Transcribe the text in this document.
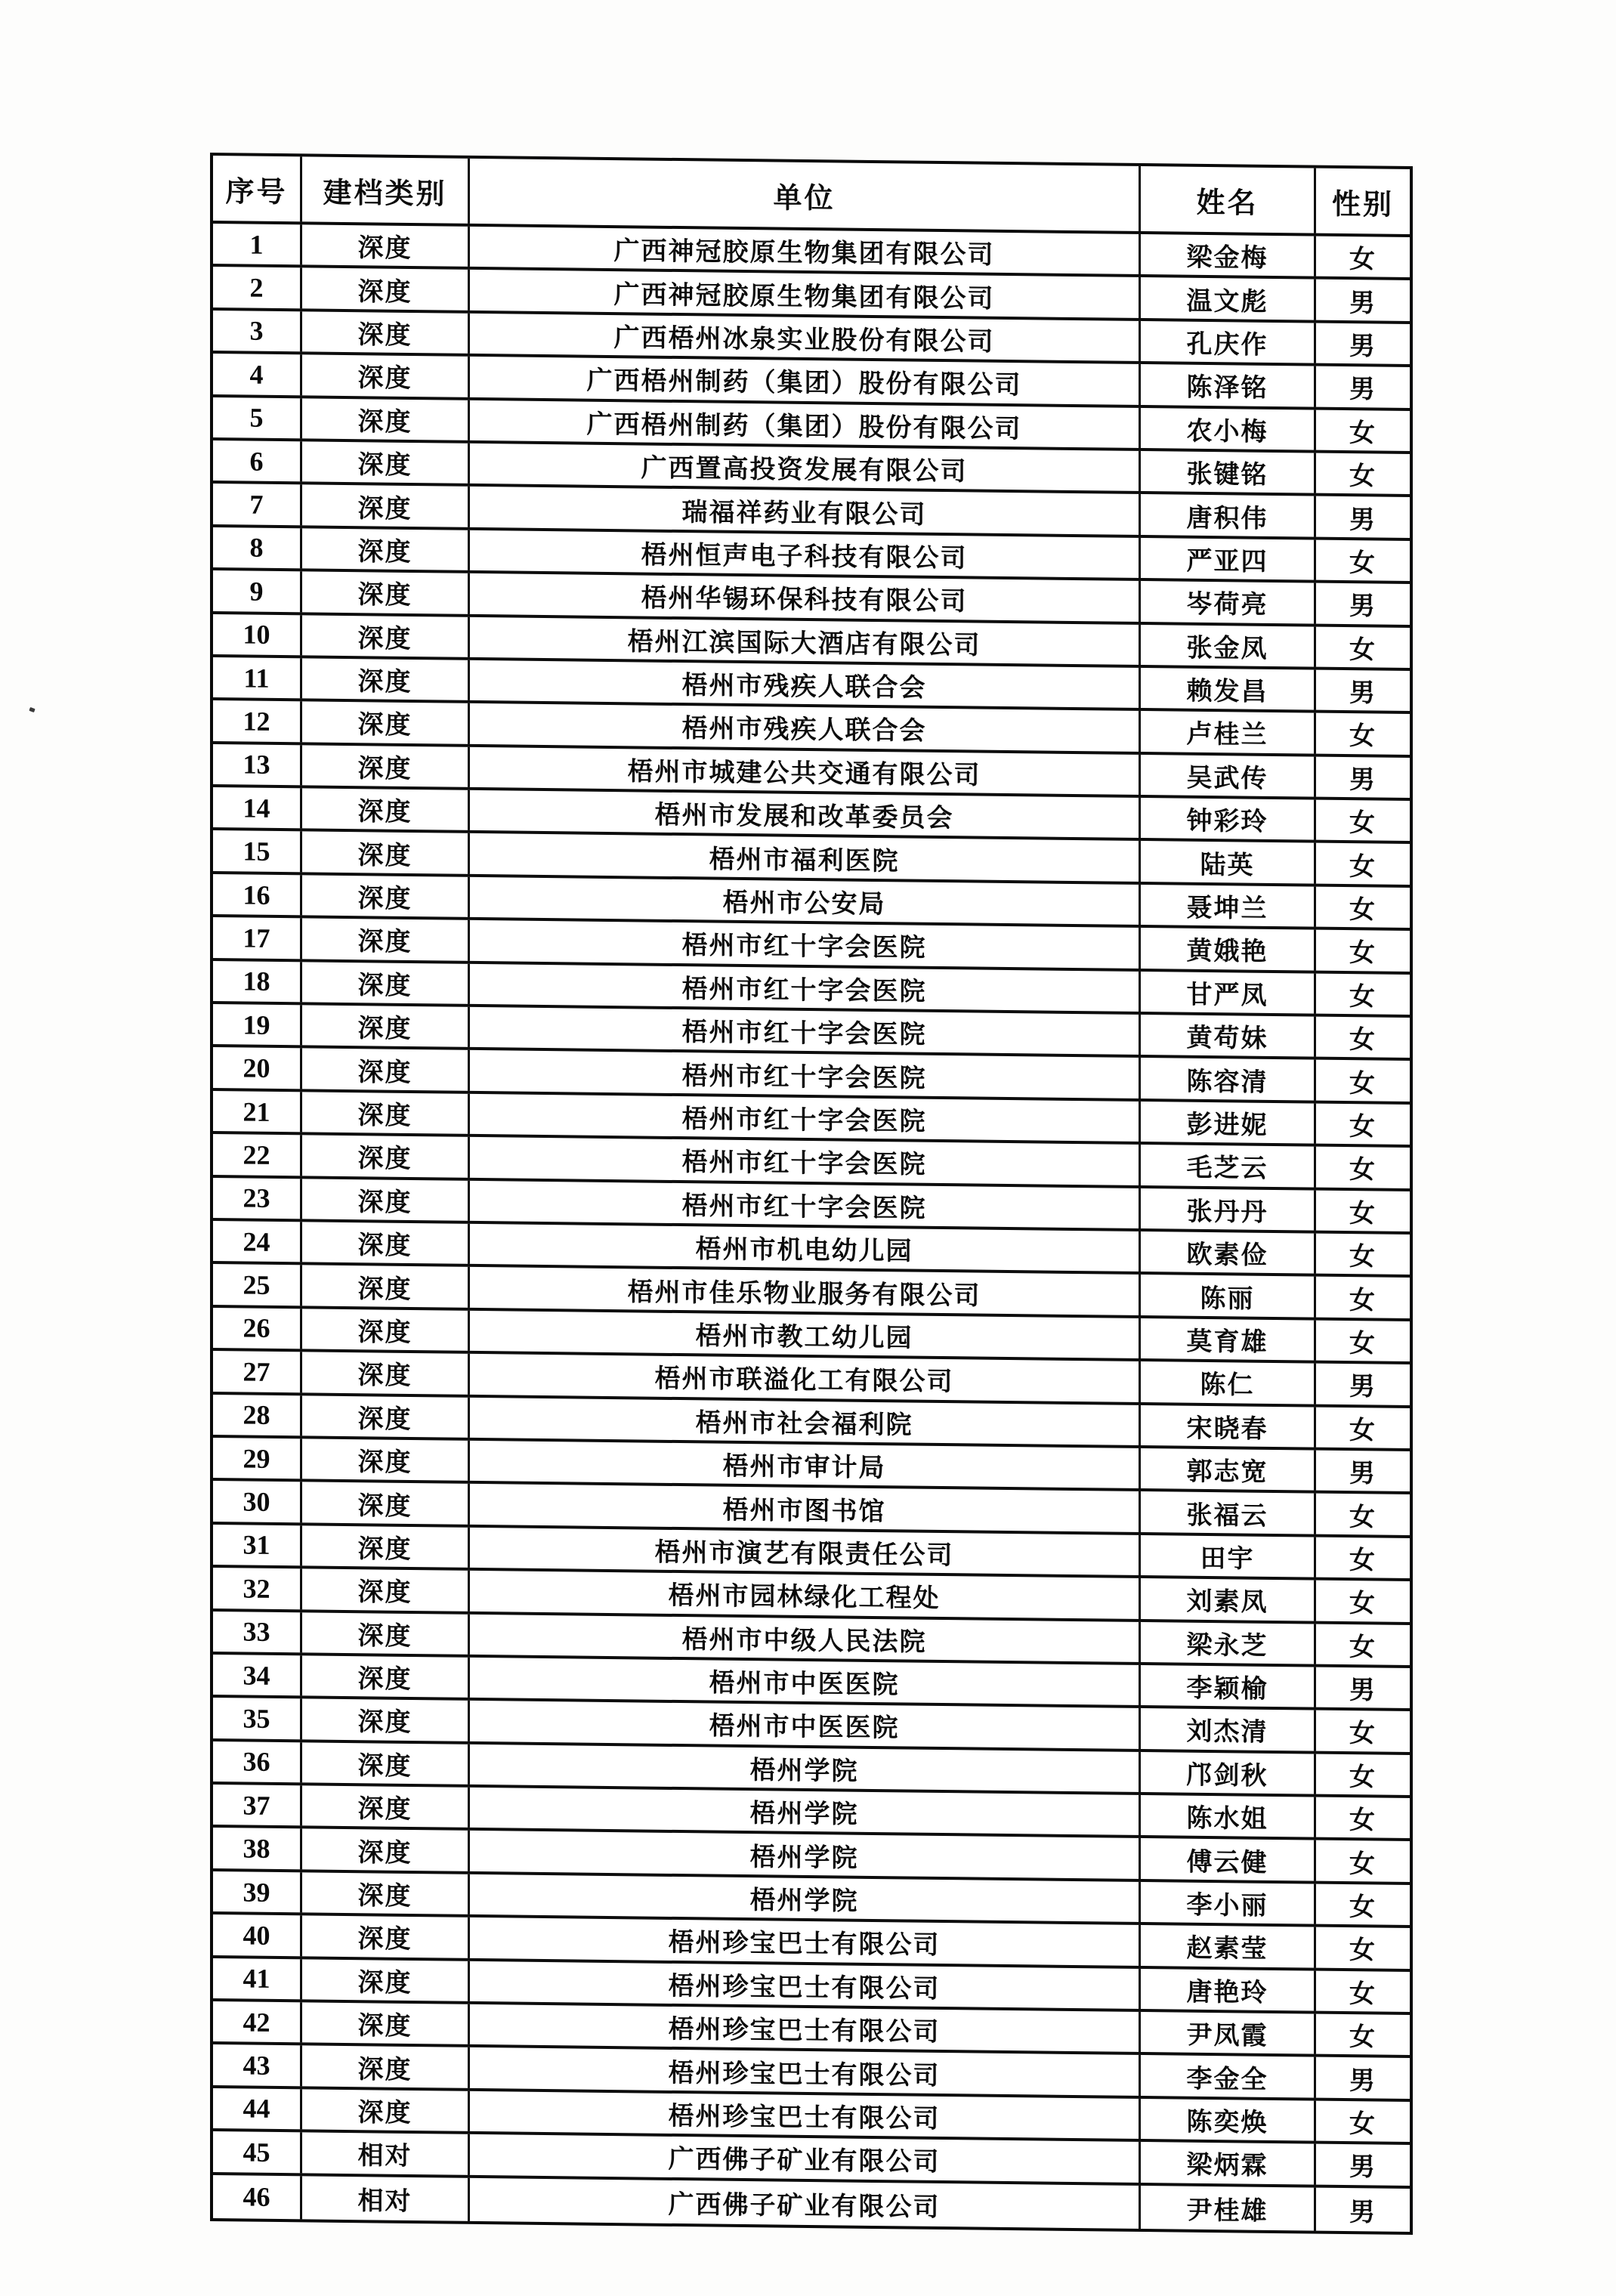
序号	建档类别	单位	姓名	性别
1	深度	广西神冠胶原生物集团有限公司	梁金梅	女
2	深度	广西神冠胶原生物集团有限公司	温文彪	男
3	深度	广西梧州冰泉实业股份有限公司	孔庆作	男
4	深度	广西梧州制药（集团）股份有限公司	陈泽铭	男
5	深度	广西梧州制药（集团）股份有限公司	农小梅	女
6	深度	广西置高投资发展有限公司	张键铭	女
7	深度	瑞福祥药业有限公司	唐积伟	男
8	深度	梧州恒声电子科技有限公司	严亚四	女
9	深度	梧州华锡环保科技有限公司	岑荷亮	男
10	深度	梧州江滨国际大酒店有限公司	张金凤	女
11	深度	梧州市残疾人联合会	赖发昌	男
12	深度	梧州市残疾人联合会	卢桂兰	女
13	深度	梧州市城建公共交通有限公司	吴武传	男
14	深度	梧州市发展和改革委员会	钟彩玲	女
15	深度	梧州市福利医院	陆英	女
16	深度	梧州市公安局	聂坤兰	女
17	深度	梧州市红十字会医院	黄娥艳	女
18	深度	梧州市红十字会医院	甘严凤	女
19	深度	梧州市红十字会医院	黄苟妹	女
20	深度	梧州市红十字会医院	陈容清	女
21	深度	梧州市红十字会医院	彭进妮	女
22	深度	梧州市红十字会医院	毛芝云	女
23	深度	梧州市红十字会医院	张丹丹	女
24	深度	梧州市机电幼儿园	欧素俭	女
25	深度	梧州市佳乐物业服务有限公司	陈丽	女
26	深度	梧州市教工幼儿园	莫育雄	女
27	深度	梧州市联溢化工有限公司	陈仁	男
28	深度	梧州市社会福利院	宋晓春	女
29	深度	梧州市审计局	郭志宽	男
30	深度	梧州市图书馆	张福云	女
31	深度	梧州市演艺有限责任公司	田宇	女
32	深度	梧州市园林绿化工程处	刘素凤	女
33	深度	梧州市中级人民法院	梁永芝	女
34	深度	梧州市中医医院	李颖榆	男
35	深度	梧州市中医医院	刘杰清	女
36	深度	梧州学院	邝剑秋	女
37	深度	梧州学院	陈水姐	女
38	深度	梧州学院	傅云健	女
39	深度	梧州学院	李小丽	女
40	深度	梧州珍宝巴士有限公司	赵素莹	女
41	深度	梧州珍宝巴士有限公司	唐艳玲	女
42	深度	梧州珍宝巴士有限公司	尹凤霞	女
43	深度	梧州珍宝巴士有限公司	李金全	男
44	深度	梧州珍宝巴士有限公司	陈奕焕	女
45	相对	广西佛子矿业有限公司	梁炳霖	男
46	相对	广西佛子矿业有限公司	尹桂雄	男
